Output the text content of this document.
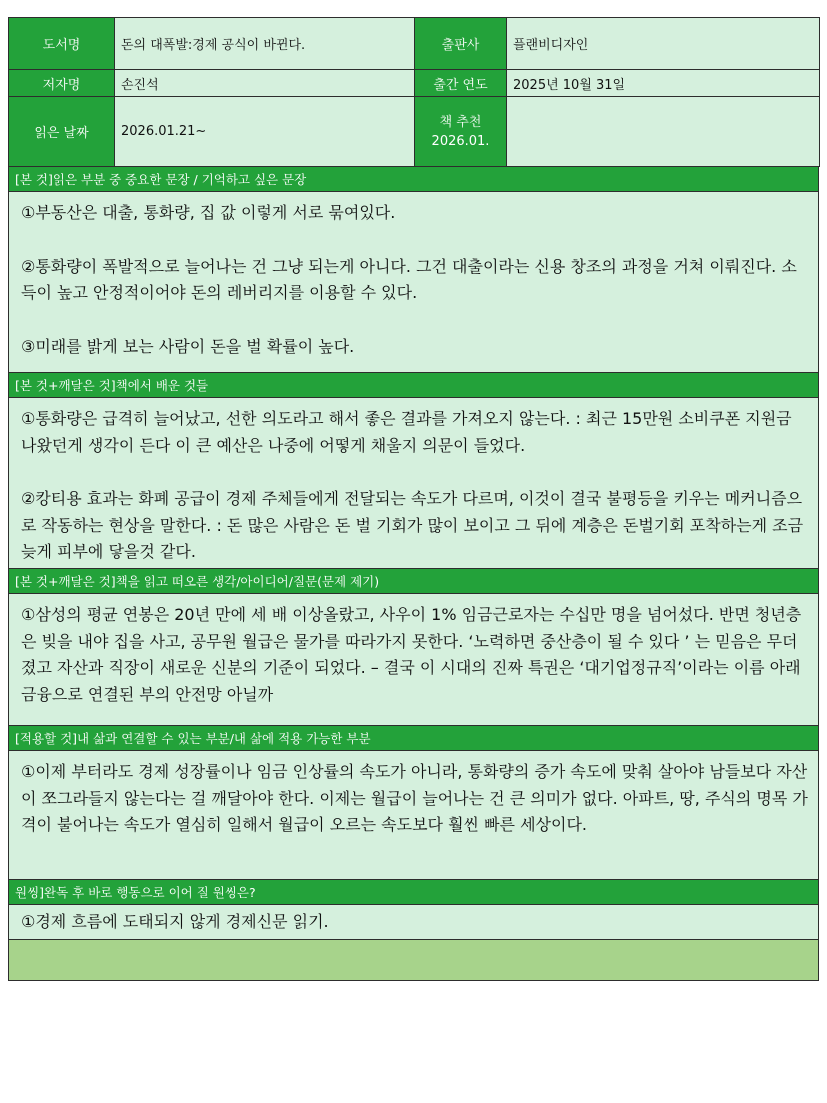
도서명	돈의 대폭발:경제 공식이 바뀐다.	출판사	플랜비디자인
저자명	손진석	출간 연도	2025년 10월 31일
읽은 날짜	2026.01.21~	책 추천
2026.01.	

[본 것]읽은 부분 중 중요한 문장 / 기억하고 싶은 문장

①부동산은 대출, 통화량, 집 값 이렇게 서로 묶여있다.

②통화량이 폭발적으로 늘어나는 건 그냥 되는게 아니다. 그건 대출이라는 신용 창조의 과정을 거쳐 이뤄진다. 소득이 높고 안정적이어야 돈의 레버리지를 이용할 수 있다.

③미래를 밝게 보는 사람이 돈을 벌 확률이 높다.

[본 것+깨달은 것]책에서 배운 것들

①통화량은 급격히 늘어났고, 선한 의도라고 해서 좋은 결과를 가져오지 않는다. : 최근 15만원 소비쿠폰 지원금 나왔던게 생각이 든다 이 큰 예산은 나중에 어떻게 채울지 의문이 들었다.

②캉티용 효과는 화폐 공급이 경제 주체들에게 전달되는 속도가 다르며, 이것이 결국 불평등을 키우는 메커니즘으로 작동하는 현상을 말한다. : 돈 많은 사람은 돈 벌 기회가 많이 보이고 그 뒤에 계층은 돈벌기회 포착하는게 조금 늦게 피부에 닿을것 같다.

[본 것+깨달은 것]책을 읽고 떠오른 생각/아이디어/질문(문제 제기)

①삼성의 평균 연봉은 20년 만에 세 배 이상올랐고, 사우이 1% 임금근로자는 수십만 명을 넘어섰다. 반면 청년층은 빚을 내야 집을 사고, 공무원 월급은 물가를 따라가지 못한다. ‘노력하면 중산층이 될 수 있다 ’ 는 믿음은 무더졌고 자산과 직장이 새로운 신분의 기준이 되었다. – 결국 이 시대의 진짜 특권은 ‘대기업정규직’이라는 이름 아래 금융으로 연결된 부의 안전망 아닐까

[적용할 것]내 삶과 연결할 수 있는 부분/내 삶에 적용 가능한 부분

①이제 부터라도 경제 성장률이나 임금 인상률의 속도가 아니라, 통화량의 증가 속도에 맞춰 살아야 남들보다 자산이 쪼그라들지 않는다는 걸 깨달아야 한다. 이제는 월급이 늘어나는 건 큰 의미가 없다. 아파트, 땅, 주식의 명목 가격이 불어나는 속도가 열심히 일해서 월급이 오르는 속도보다 훨씬 빠른 세상이다.

원씽]완독 후 바로 행동으로 이어 질 원씽은?

①경제 흐름에 도태되지 않게 경제신문 읽기.
